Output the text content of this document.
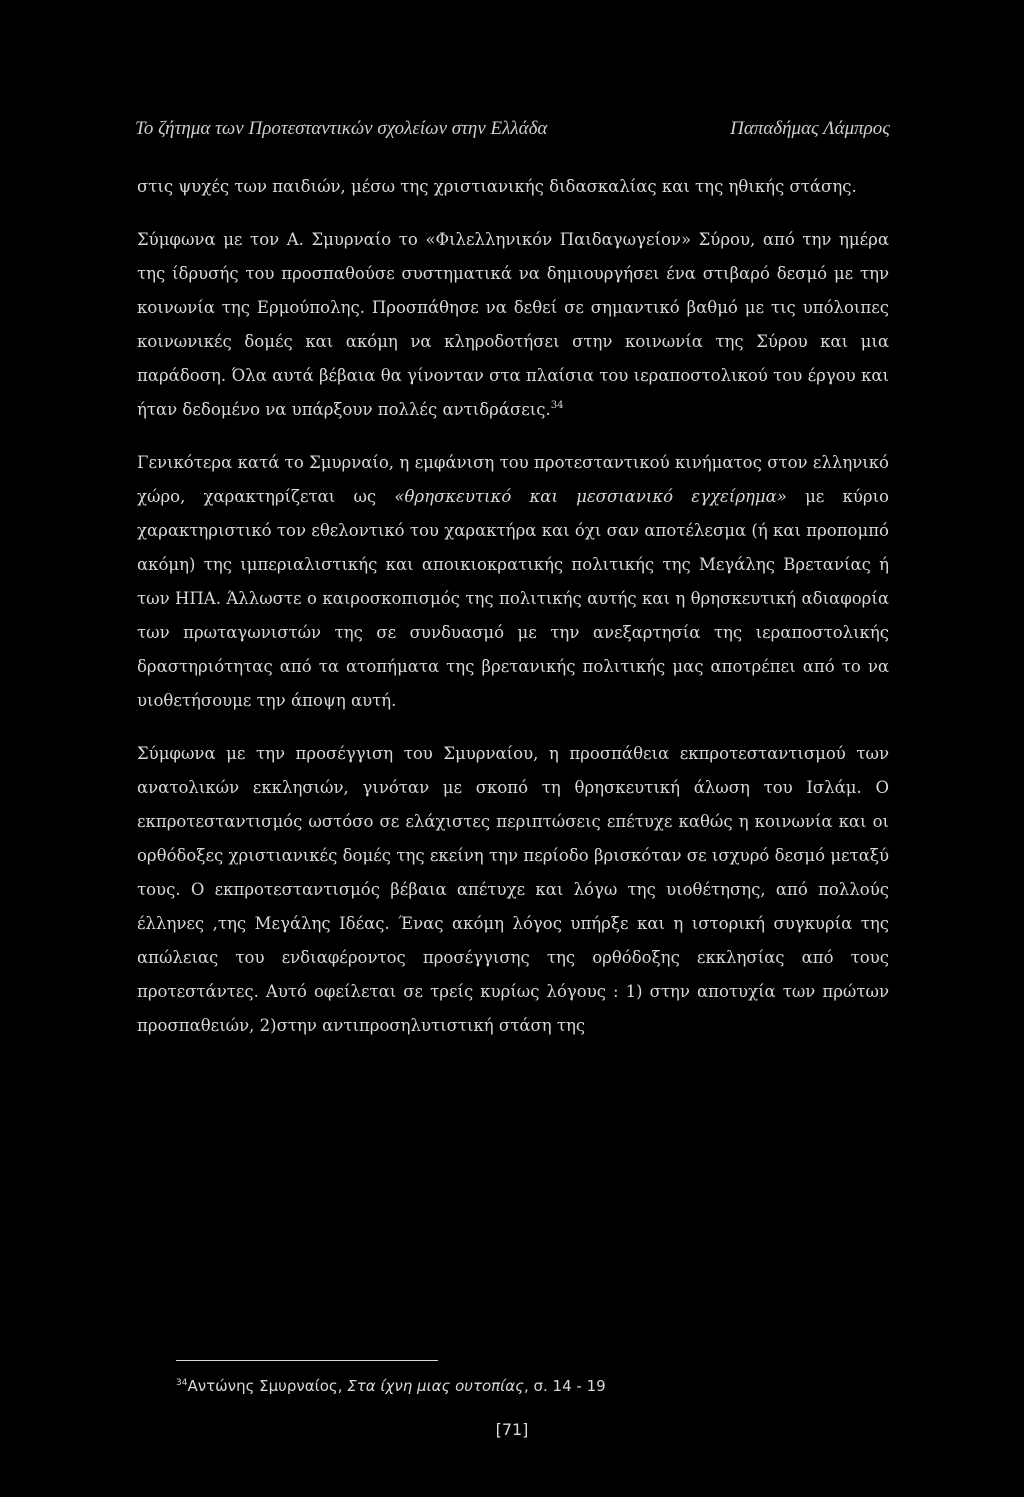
Το ζήτημα των Προτεσταντικών σχολείων στην Ελλάδα	Παπαδήμας Λάμπρος

στις ψυχές των παιδιών, μέσω της χριστιανικής διδασκαλίας και της ηθικής στάσης.

Σύμφωνα με τον Α. Σμυρναίο το «Φιλελληνικόν Παιδαγωγείον» Σύρου, από την ημέρα της ίδρυσής του προσπαθούσε συστηματικά να δημιουργήσει ένα στιβαρό δεσμό με την κοινωνία της Ερμούπολης. Προσπάθησε να δεθεί σε σημαντικό βαθμό με τις υπόλοιπες κοινωνικές δομές και ακόμη να κληροδοτήσει στην κοινωνία της Σύρου και μια παράδοση. Όλα αυτά βέβαια θα γίνονταν στα πλαίσια του ιεραποστολικού του έργου και ήταν δεδομένο να υπάρξουν πολλές αντιδράσεις.$^{34}$

Γενικότερα κατά το Σμυρναίο, η εμφάνιση του προτεσταντικού κινήματος στον ελληνικό χώρο, χαρακτηρίζεται ως «θρησκευτικό και μεσσιανικό εγχείρημα» με κύριο χαρακτηριστικό τον εθελοντικό του χαρακτήρα και όχι σαν αποτέλεσμα (ή και προπομπό ακόμη) της ιμπεριαλιστικής και αποικιοκρατικής πολιτικής της Μεγάλης Βρετανίας ή των ΗΠΑ. Άλλωστε ο καιροσκοπισμός της πολιτικής αυτής και η θρησκευτική αδιαφορία των πρωταγωνιστών της σε συνδυασμό με την ανεξαρτησία της ιεραποστολικής δραστηριότητας από τα ατοπήματα της βρετανικής πολιτικής μας αποτρέπει από το να υιοθετήσουμε την άποψη αυτή.

Σύμφωνα με την προσέγγιση του Σμυρναίου, η προσπάθεια εκπροτεσταντισμού των ανατολικών εκκλησιών, γινόταν με σκοπό τη θρησκευτική άλωση του Ισλάμ. Ο εκπροτεσταντισμός ωστόσο σε ελάχιστες περιπτώσεις επέτυχε καθώς η κοινωνία και οι ορθόδοξες χριστιανικές δομές της εκείνη την περίοδο βρισκόταν σε ισχυρό δεσμό μεταξύ τους. Ο εκπροτεσταντισμός βέβαια απέτυχε και λόγω της υιοθέτησης, από πολλούς έλληνες ,της Μεγάλης Ιδέας. Ένας ακόμη λόγος υπήρξε και η ιστορική συγκυρία της απώλειας του ενδιαφέροντος προσέγγισης της ορθόδοξης εκκλησίας από τους προτεστάντες. Αυτό οφείλεται σε τρείς κυρίως λόγους : 1) στην αποτυχία των πρώτων προσπαθειών, 2)στην αντιπροσηλυτιστική στάση της

$^{34}$Αντώνης Σμυρναίος, Στα ίχνη μιας ουτοπίας, σ. 14 - 19
[71]
